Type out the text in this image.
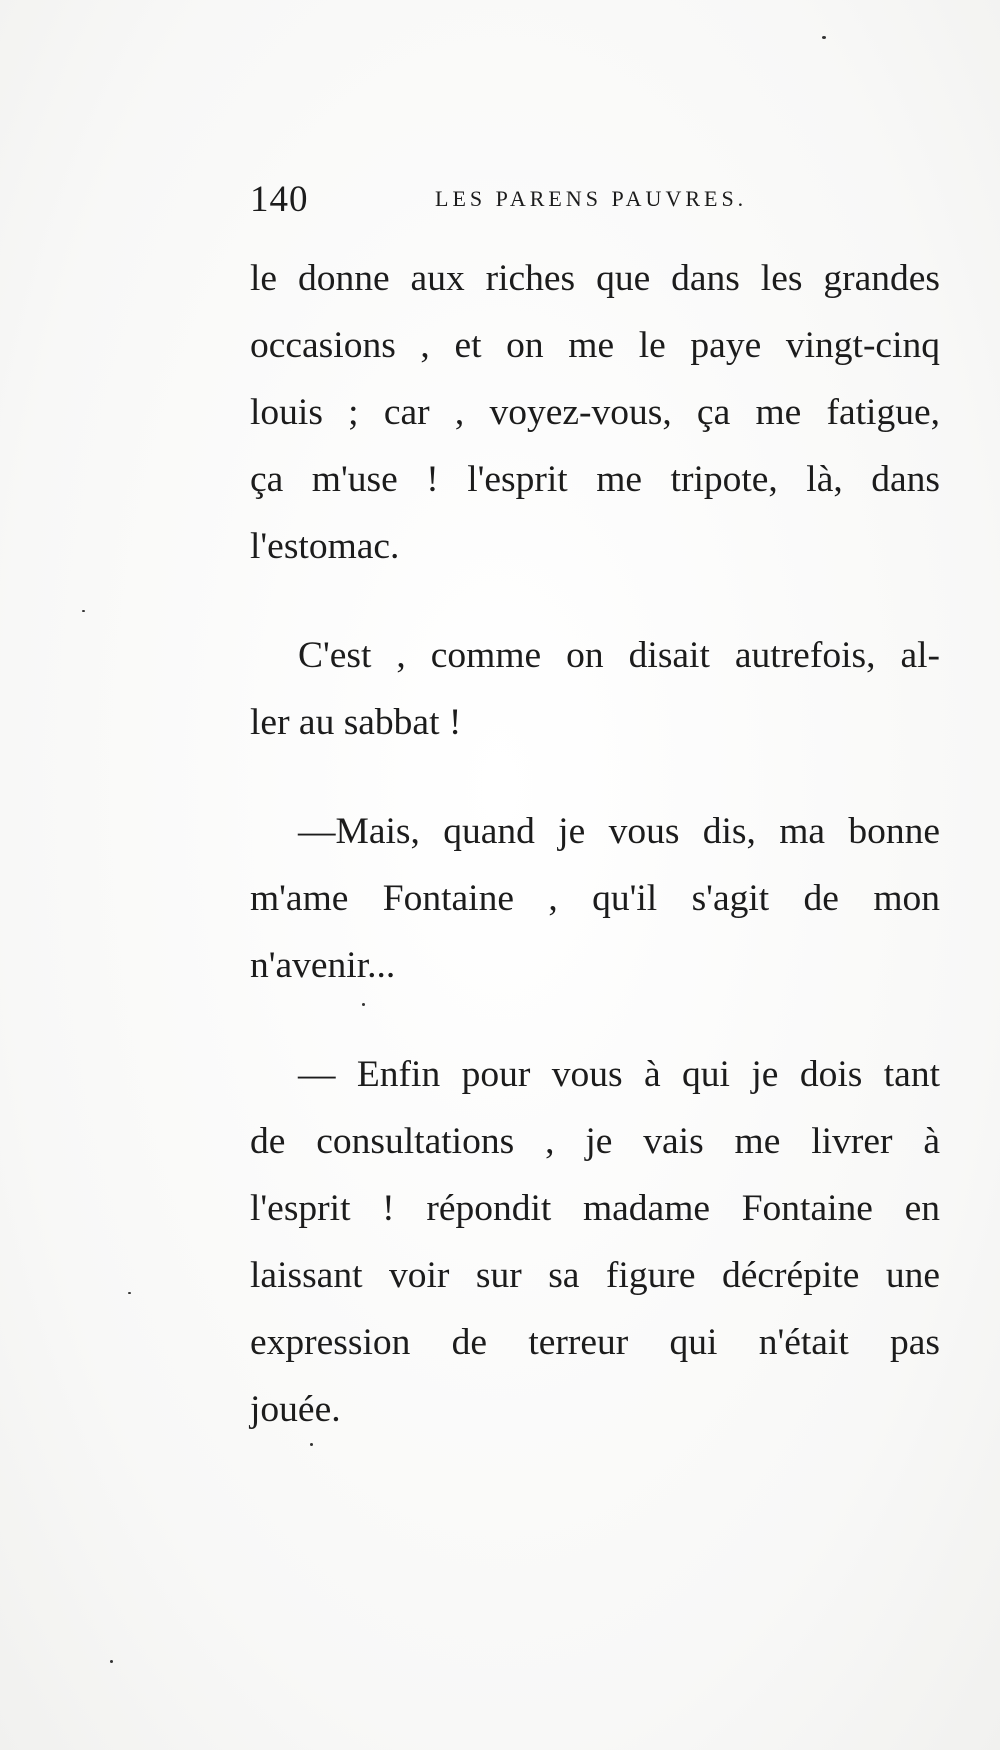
140	LES PARENS PAUVRES.
le donne aux riches que dans les grandes
occasions , et on me le paye vingt-cinq
louis ; car , voyez-vous, ça me fatigue,
ça m'use ! l'esprit me tripote, là, dans
l'estomac.
C'est , comme on disait autrefois, al-
ler au sabbat !
—Mais, quand je vous dis, ma bonne
m'ame Fontaine , qu'il s'agit de mon
n'avenir...
— Enfin pour vous à qui je dois tant
de consultations , je vais me livrer à
l'esprit ! répondit madame Fontaine en
laissant voir sur sa figure décrépite une
expression de terreur qui n'était pas
jouée.
